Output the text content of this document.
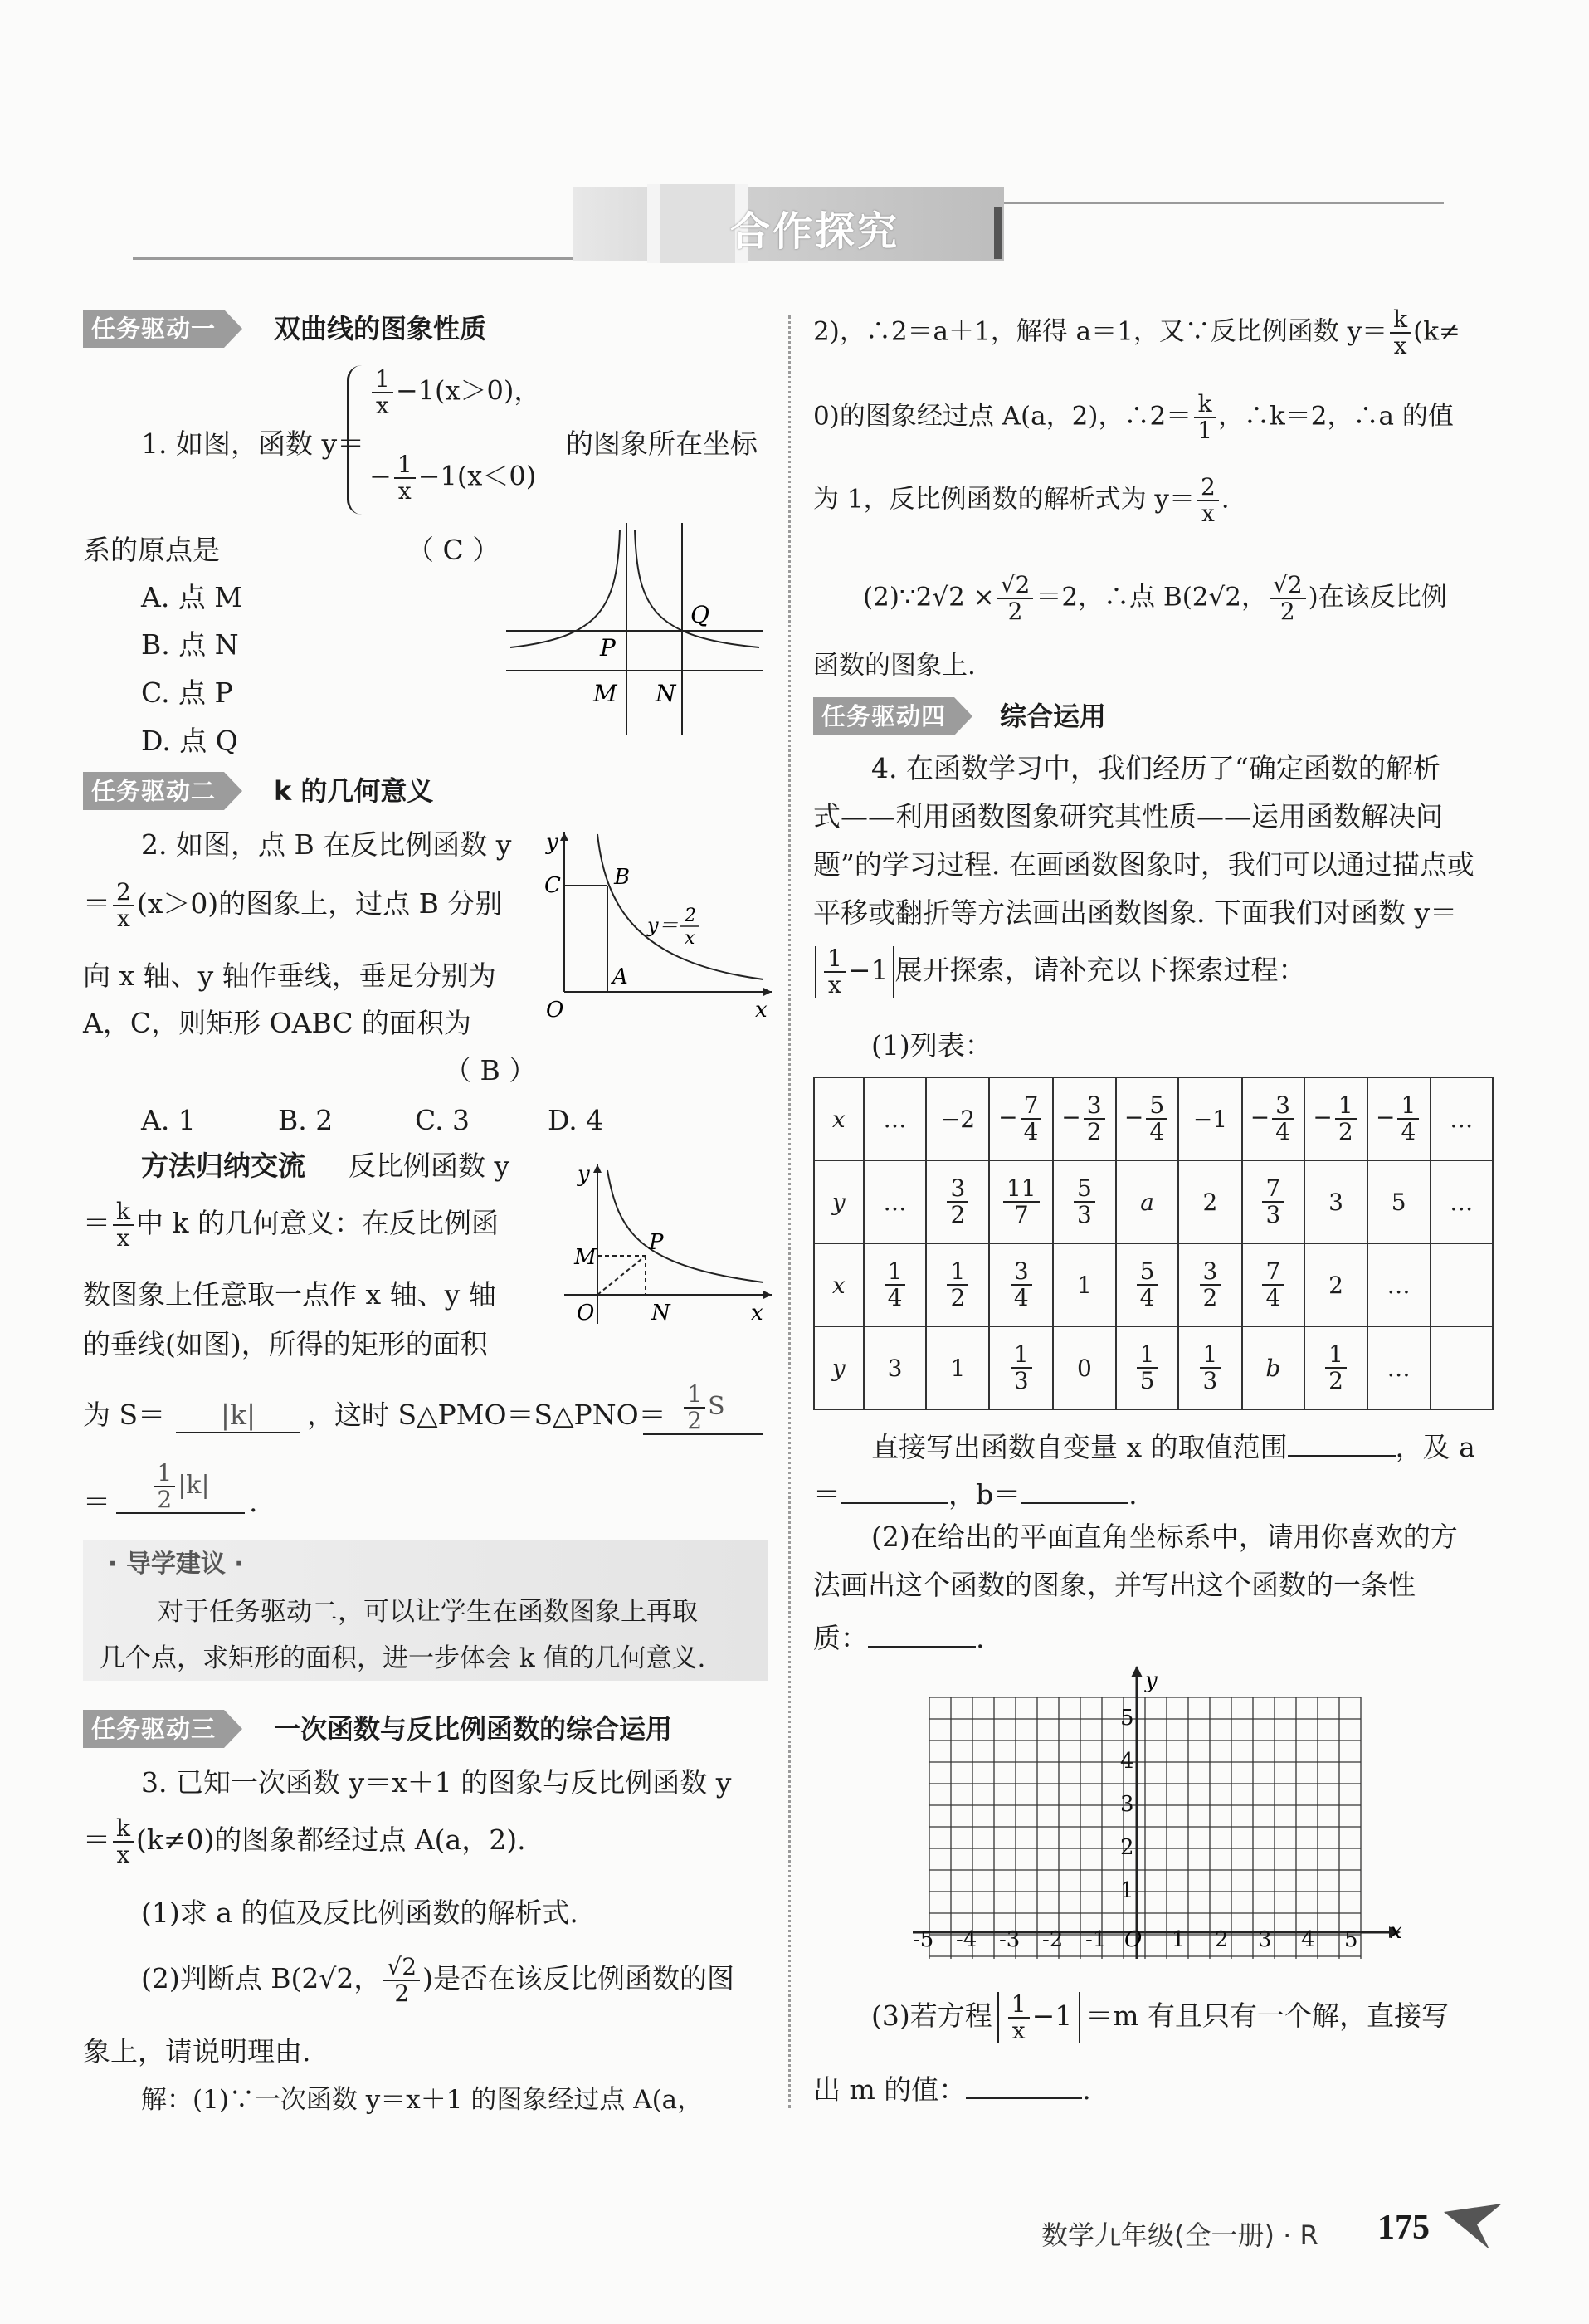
合作探究
任务驱动一	双曲线的图象性质
1. 如图，函数 y＝
$\frac{1}{x} -1(x>0)$，
− $\frac{1}{x} -1(x<0)$
的图象所在坐标
系的原点是	（ C ）
A. 点 M
B. 点 N
C. 点 P
D. 点 Q
P
Q
M N
任务驱动二	k 的几何意义
2. 如图，点 B 在反比例函数 y
＝ $\frac{2}{x} (x>0)$的图象上，过点 B 分别
向 x 轴、y 轴作垂线，垂足分别为
A，C，则矩形 OABC 的面积为
（ B ）
A. 1	B. 2	C. 3	D. 4
y
x
O
C B
A
y＝ 2
x
方法归纳交流 反比例函数 y
＝ $\frac{k}{x}$ 中 k 的几何意义：在反比例函
数图象上任意取一点作 x 轴、y 轴
的垂线(如图)，所得的矩形的面积
y
x
O
M
N
P
为 S＝	|k|	，这时 S△PMO＝S△PNO＝ $\frac{1}{2}$ S
＝ $\frac{1}{2} |k|$
.
· 导学建议 ·
对于任务驱动二，可以让学生在函数图象上再取
几个点，求矩形的面积，进一步体会 k 值的几何意义.
任务驱动三	一次函数与反比例函数的综合运用
3. 已知一次函数 y＝x＋1 的图象与反比例函数 y
＝ $\frac{k}{x} (k\ne 0)$的图象都经过点 A(a，2).
(1)求 a 的值及反比例函数的解析式.
(2)判断点 B(2√2， $\frac{√2}{2}$ )是否在该反比例函数的图
象上，请说明理由.
解：(1)∵一次函数 y＝x＋1 的图象经过点 A(a，
2)，∴2＝a＋1，解得 a＝1，又∵反比例函数 $y= \frac{k}{x} (k\ne$
0)的图象经过点 A(a，2)，∴2＝ $\frac{k}{1}$ ，∴k＝2，∴a 的值
为 1，反比例函数的解析式为 $y= \frac{2}{x}$ .
(2)∵2√2 × $\frac{√2}{2} =2$，∴点 B(2√2， $\frac{√2}{2}$ )在该反比例
函数的图象上.
任务驱动四	综合运用
4. 在函数学习中，我们经历了“确定函数的解析
式——利用函数图象研究其性质——运用函数解决问
题”的学习过程. 在画函数图象时，我们可以通过描点或
平移或翻折等方法画出函数图象. 下面我们对函数 y＝
$\frac{1}{x} -1$ 展开探索，请补充以下探索过程：
(1)列表：
x	…	−2	− $\frac{7}{4}$	− $\frac{3}{2}$	− $\frac{5}{4}$	−1	− $\frac{3}{4}$	− $\frac{1}{2}$	− $\frac{1}{4}$	…
y	…	$\frac{3}{2}$	$\frac{11}{7}$	$\frac{5}{3}$	a	2	$\frac{7}{3}$	3	5	…
x	$\frac{1}{4}$	$\frac{1}{2}$	$\frac{3}{4}$	1	$\frac{5}{4}$	$\frac{3}{2}$	$\frac{7}{4}$	2	…	
y	3	1	$\frac{1}{3}$	0	$\frac{1}{5}$	$\frac{1}{3}$	b	$\frac{1}{2}$	…	
直接写出函数自变量 x 的取值范围	，及 a
＝	，b＝	.
(2)在给出的平面直角坐标系中，请用你喜欢的方
法画出这个函数的图象，并写出这个函数的一条性
质：	.
x
y
O
-5 -4 -3 -2 -1	1 2 3 4 5
1
2
3
4
5
(3)若方程 $\frac{1}{x} -1 =m$ 有且只有一个解，直接写
出 m 的值：	.
数学九年级(全一册) · R 175
